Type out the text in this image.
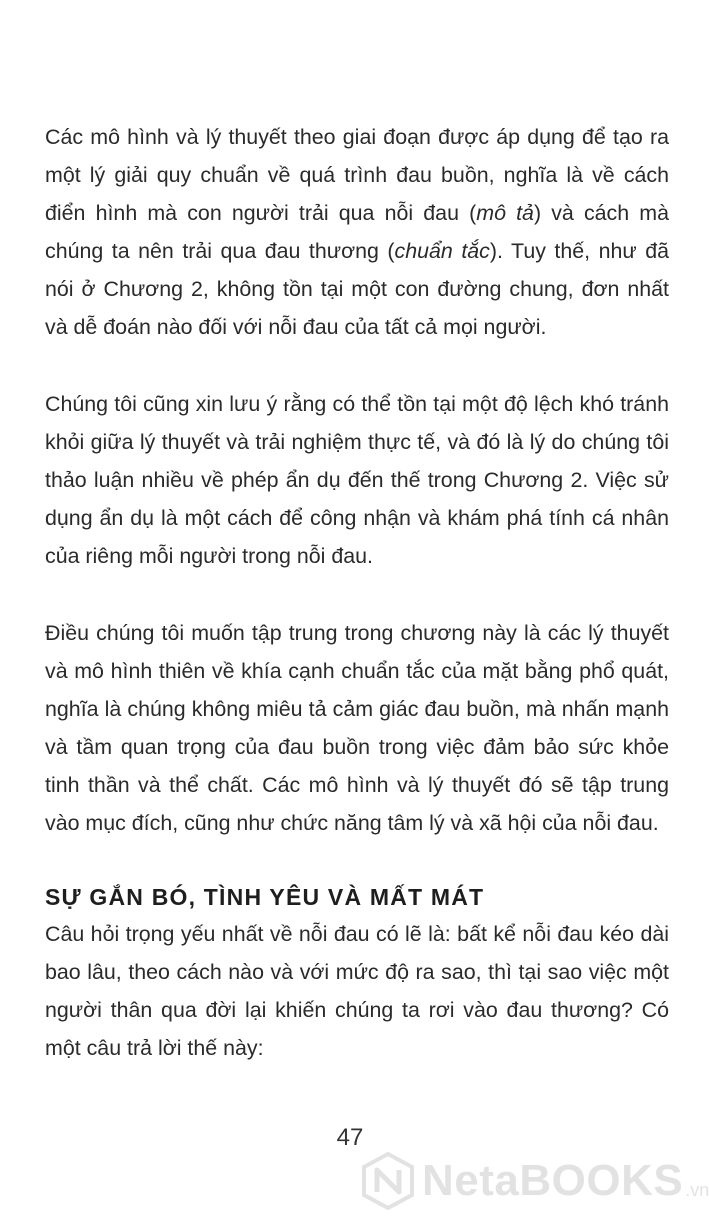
Các mô hình và lý thuyết theo giai đoạn được áp dụng để tạo ra một lý giải quy chuẩn về quá trình đau buồn, nghĩa là về cách điển hình mà con người trải qua nỗi đau (mô tả) và cách mà chúng ta nên trải qua đau thương (chuẩn tắc). Tuy thế, như đã nói ở Chương 2, không tồn tại một con đường chung, đơn nhất và dễ đoán nào đối với nỗi đau của tất cả mọi người.

Chúng tôi cũng xin lưu ý rằng có thể tồn tại một độ lệch khó tránh khỏi giữa lý thuyết và trải nghiệm thực tế, và đó là lý do chúng tôi thảo luận nhiều về phép ẩn dụ đến thế trong Chương 2. Việc sử dụng ẩn dụ là một cách để công nhận và khám phá tính cá nhân của riêng mỗi người trong nỗi đau.

Điều chúng tôi muốn tập trung trong chương này là các lý thuyết và mô hình thiên về khía cạnh chuẩn tắc của mặt bằng phổ quát, nghĩa là chúng không miêu tả cảm giác đau buồn, mà nhấn mạnh và tầm quan trọng của đau buồn trong việc đảm bảo sức khỏe tinh thần và thể chất. Các mô hình và lý thuyết đó sẽ tập trung vào mục đích, cũng như chức năng tâm lý và xã hội của nỗi đau.

SỰ GẮN BÓ, TÌNH YÊU VÀ MẤT MÁT

Câu hỏi trọng yếu nhất về nỗi đau có lẽ là: bất kể nỗi đau kéo dài bao lâu, theo cách nào và với mức độ ra sao, thì tại sao việc một người thân qua đời lại khiến chúng ta rơi vào đau thương? Có một câu trả lời thế này:

47
NetaBOOKS .vn
